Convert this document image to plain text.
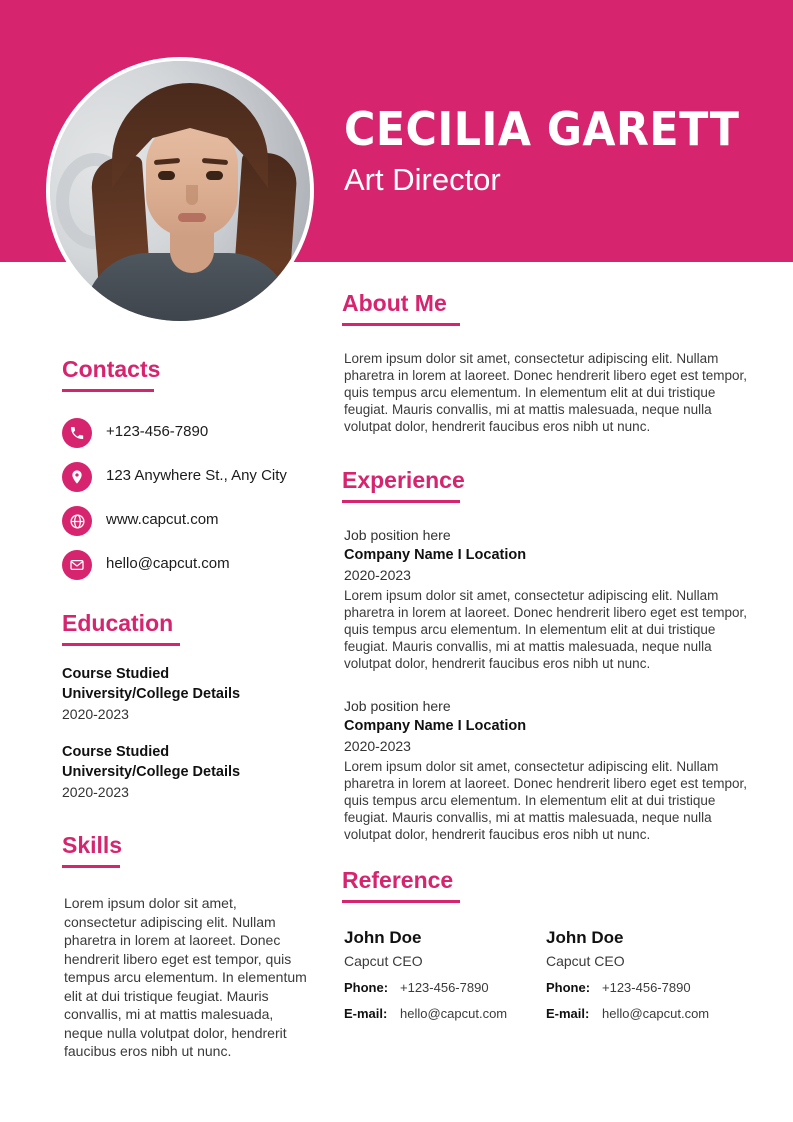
CECILIA GARETT
Art Director
Contacts
+123-456-7890
123 Anywhere St., Any City
www.capcut.com
hello@capcut.com
Education
Course Studied
University/College Details
2020-2023
Course Studied
University/College Details
2020-2023
Skills
Lorem ipsum dolor sit amet, consectetur adipiscing elit. Nullam pharetra in lorem at laoreet. Donec hendrerit libero eget est tempor, quis tempus arcu elementum. In elementum elit at dui tristique feugiat. Mauris convallis, mi at mattis malesuada, neque nulla volutpat dolor, hendrerit faucibus eros nibh ut nunc.
About Me
Lorem ipsum dolor sit amet, consectetur adipiscing elit. Nullam pharetra in lorem at laoreet. Donec hendrerit libero eget est tempor, quis tempus arcu elementum. In elementum elit at dui tristique feugiat. Mauris convallis, mi at mattis malesuada, neque nulla volutpat dolor, hendrerit faucibus eros nibh ut nunc.
Experience
Job position here
Company Name I Location
2020-2023
Lorem ipsum dolor sit amet, consectetur adipiscing elit. Nullam pharetra in lorem at laoreet. Donec hendrerit libero eget est tempor, quis tempus arcu elementum. In elementum elit at dui tristique feugiat. Mauris convallis, mi at mattis malesuada, neque nulla volutpat dolor, hendrerit faucibus eros nibh ut nunc.
Job position here
Company Name I Location
2020-2023
Lorem ipsum dolor sit amet, consectetur adipiscing elit. Nullam pharetra in lorem at laoreet. Donec hendrerit libero eget est tempor, quis tempus arcu elementum. In elementum elit at dui tristique feugiat. Mauris convallis, mi at mattis malesuada, neque nulla volutpat dolor, hendrerit faucibus eros nibh ut nunc.
Reference
John Doe
Capcut CEO
Phone: +123-456-7890
E-mail: hello@capcut.com
John Doe
Capcut CEO
Phone: +123-456-7890
E-mail: hello@capcut.com
